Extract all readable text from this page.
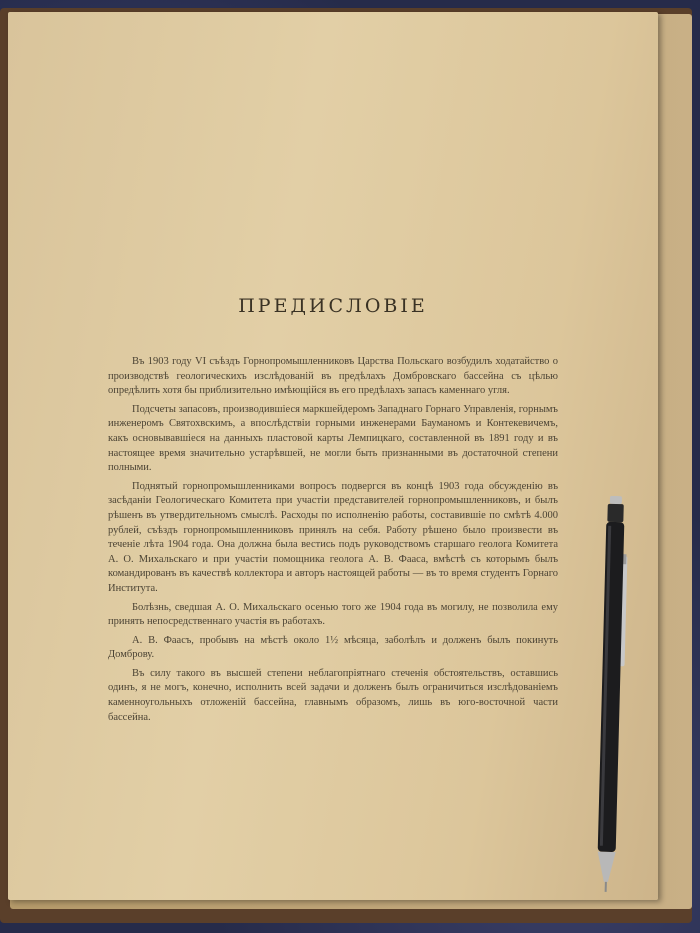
ПРЕДИСЛОВІЕ

Въ 1903 году VI съѣздъ Горнопромышленниковъ Царства Польскаго возбудилъ ходатайство о производствѣ геологическихъ изслѣдованій въ предѣлахъ Домбровскаго бассейна съ цѣлью опредѣлить хотя бы приблизительно имѣющійся въ его предѣлахъ запасъ каменнаго угля.

Подсчеты запасовъ, производившіеся маркшейдеромъ Западнаго Горнаго Управленія, горнымъ инженеромъ Святохвскимъ, а впослѣдствіи горными инженерами Бауманомъ и Контекевичемъ, какъ основывавшіеся на данныхъ пластовой карты Лемпицкаго, составленной въ 1891 году и въ настоящее время значительно устарѣвшей, не могли быть признанными въ достаточной степени полными.

Поднятый горнопромышленниками вопросъ подвергся въ концѣ 1903 года обсужденію въ засѣданіи Геологическаго Комитета при участіи представителей горнопромышленниковъ, и былъ рѣшенъ въ утвердительномъ смыслѣ. Расходы по исполненію работы, составившіе по смѣтѣ 4.000 рублей, съѣздъ горнопромышленниковъ принялъ на себя. Работу рѣшено было произвести въ теченіе лѣта 1904 года. Она должна была вестись подъ руководствомъ старшаго геолога Комитета А. О. Михальскаго и при участіи помощника геолога А. В. Фааса, вмѣстѣ съ которымъ былъ командированъ въ качествѣ коллектора и авторъ настоящей работы — въ то время студентъ Горнаго Института.

Болѣзнь, сведшая А. О. Михальскаго осенью того же 1904 года въ могилу, не позволила ему принять непосредственнаго участія въ работахъ.

А. В. Фаасъ, пробывъ на мѣстѣ около 1½ мѣсяца, заболѣлъ и долженъ былъ покинуть Домброву.

Въ силу такого въ высшей степени неблагопріятнаго стеченія обстоятельствъ, оставшись одинъ, я не могъ, конечно, исполнить всей задачи и долженъ былъ ограничиться изслѣдованіемъ каменноугольныхъ отложеній бассейна, главнымъ образомъ, лишь въ юго-восточной части бассейна.
